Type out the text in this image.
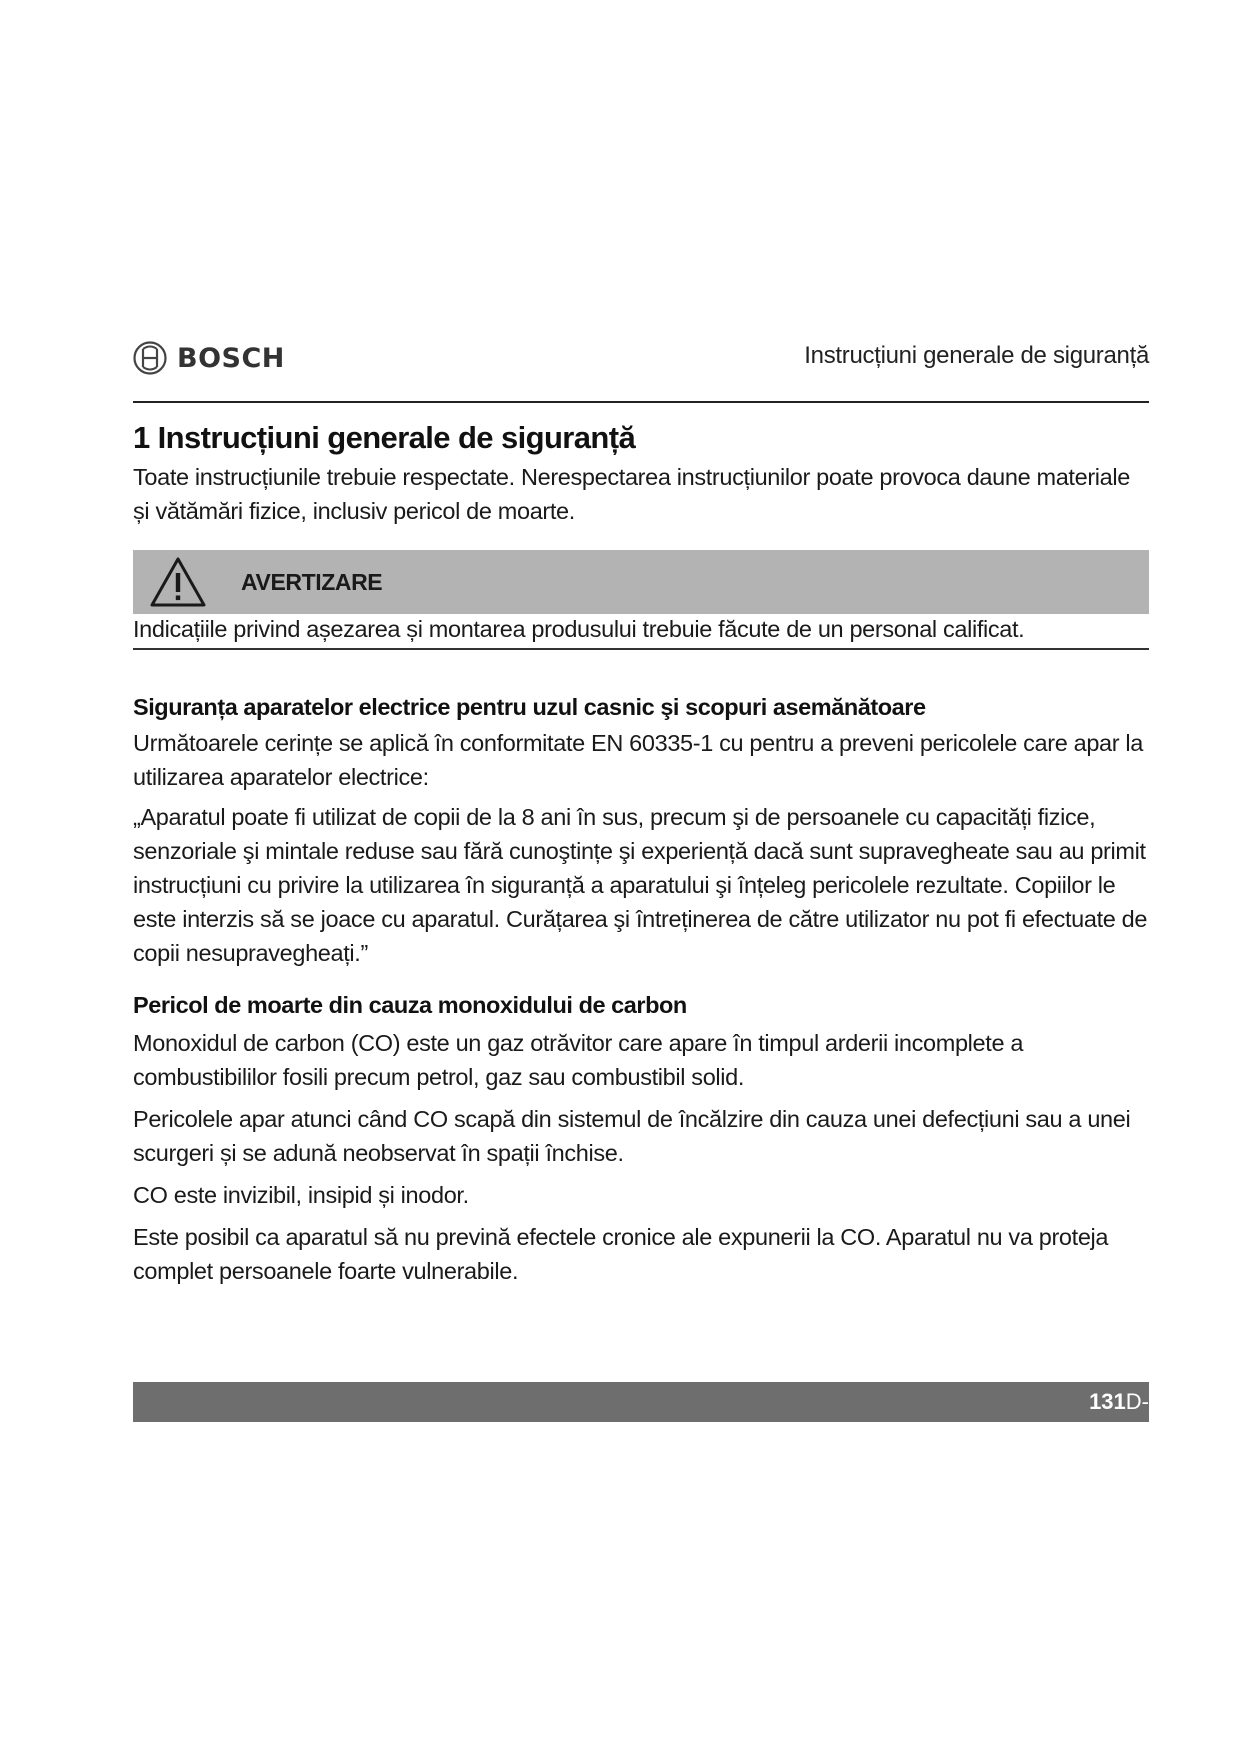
BOSCH	Instrucțiuni generale de siguranță
1 Instrucțiuni generale de siguranță

Toate instrucțiunile trebuie respectate. Nerespectarea instrucțiunilor poate provoca daune materiale și vătămări fizice, inclusiv pericol de moarte.

AVERTIZARE

Indicațiile privind așezarea și montarea produsului trebuie făcute de un personal calificat.

Siguranța aparatelor electrice pentru uzul casnic şi scopuri asemănătoare

Următoarele cerințe se aplică în conformitate EN 60335-1 cu pentru a preveni pericolele care apar la utilizarea aparatelor electrice:

„Aparatul poate fi utilizat de copii de la 8 ani în sus, precum şi de persoanele cu capacități fizice, senzoriale şi mintale reduse sau fără cunoştințe şi experiență dacă sunt supravegheate sau au primit instrucțiuni cu privire la utilizarea în siguranță a aparatului şi înțeleg pericolele rezultate. Copiilor le este interzis să se joace cu aparatul. Curățarea şi întreținerea de către utilizator nu pot fi efectuate de copii nesupravegheați.”

Pericol de moarte din cauza monoxidului de carbon

Monoxidul de carbon (CO) este un gaz otrăvitor care apare în timpul arderii incomplete a combustibililor fosili precum petrol, gaz sau combustibil solid.

Pericolele apar atunci când CO scapă din sistemul de încălzire din cauza unei defecțiuni sau a unei scurgeri și se adună neobservat în spații închise.

CO este invizibil, insipid și inodor.

Este posibil ca aparatul să nu prevină efectele cronice ale expunerii la CO. Aparatul nu va proteja complet persoanele foarte vulnerabile.

131D-
